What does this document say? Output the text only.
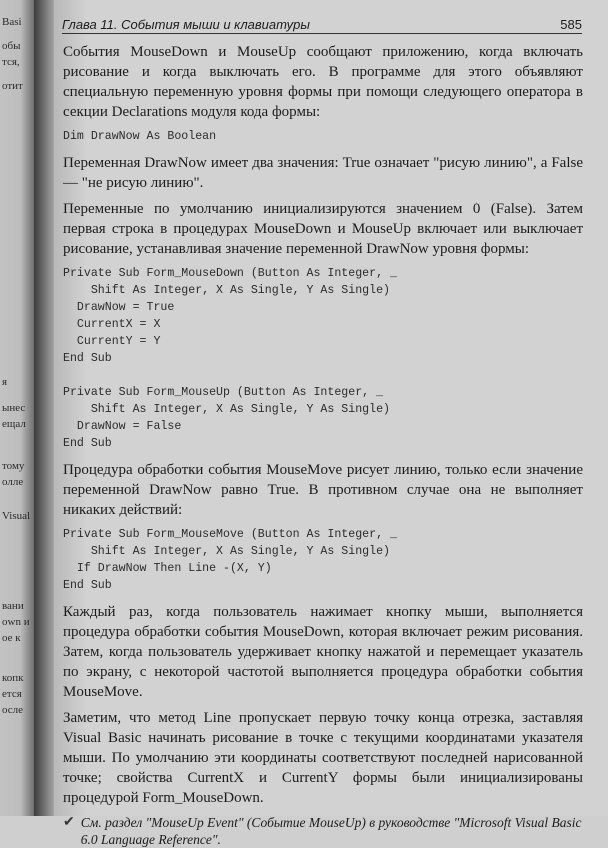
Basi
обы
тся,
отит
я
ынес
ещал
тому
олле
Visual
вани
own и
ое к
копк
ется
осле
Глава 11. События мыши и клавиатуры	585

События MouseDown и MouseUp сообщают приложению, когда включать рисование и когда выключать его. В программе для этого объявляют специальную переменную уровня формы при помощи следующего оператора в секции Declarations модуля кода формы:

Dim DrawNow As Boolean

Переменная DrawNow имеет два значения: True означает "рисую линию", а False — "не рисую линию".

Переменные по умолчанию инициализируются значением 0 (False). Затем первая строка в процедурах MouseDown и MouseUp включает или выключает рисование, устанавливая значение переменной DrawNow уровня формы:

Private Sub Form_MouseDown (Button As Integer, _
Shift As Integer, X As Single, Y As Single)
DrawNow = True
CurrentX = X
CurrentY = Y
End Sub
Private Sub Form_MouseUp (Button As Integer, _
Shift As Integer, X As Single, Y As Single)
DrawNow = False
End Sub

Процедура обработки события MouseMove рисует линию, только если значение переменной DrawNow равно True. В противном случае она не выполняет никаких действий:

Private Sub Form_MouseMove (Button As Integer, _
Shift As Integer, X As Single, Y As Single)
If DrawNow Then Line -(X, Y)
End Sub

Каждый раз, когда пользователь нажимает кнопку мыши, выполняется процедура обработки события MouseDown, которая включает режим рисования. Затем, когда пользователь удерживает кнопку нажатой и перемещает указатель по экрану, с некоторой частотой выполняется процедура обработки события MouseMove.

Заметим, что метод Line пропускает первую точку конца отрезка, заставляя Visual Basic начинать рисование в точке с текущими координатами указателя мыши. По умолчанию эти координаты соответствуют последней нарисованной точке; свойства CurrentX и CurrentY формы были инициализированы процедурой Form_MouseDown.

✔ См. раздел "MouseUp Event" (Событие MouseUp) в руководстве "Microsoft Visual Basic 6.0 Language Reference".
